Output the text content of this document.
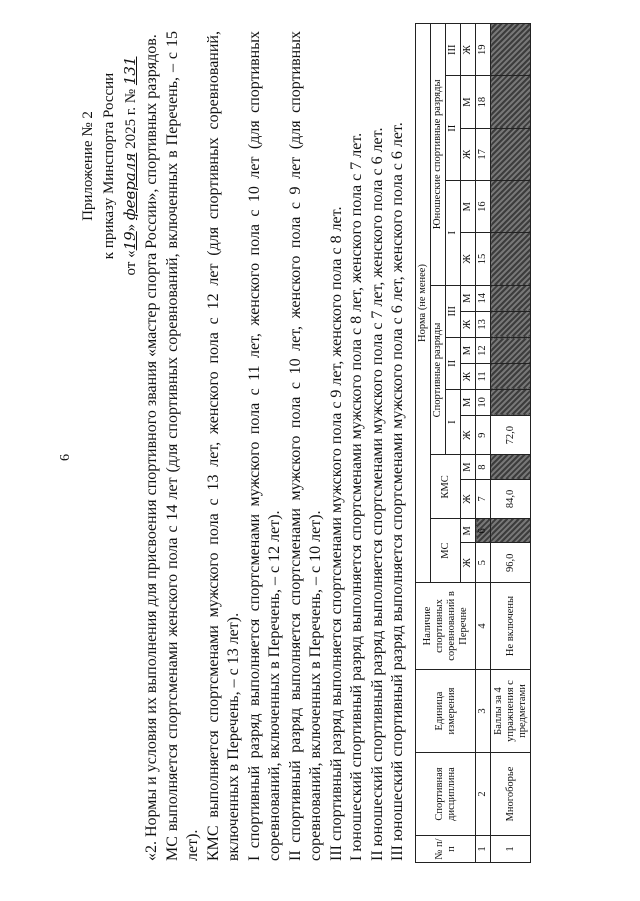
6
Приложение № 2 к приказу Минспорта России
от «19» февраля 2025 г. № 131 «2. Нормы и условия их выполнения для присвоения спортивного звания «мастер спорта России», спортивных разрядов. МС выполняется спортсменами женского пола с 14 лет (для спортивных соревнований, включенных в Перечень, – с 15 лет). КМС выполняется спортсменами мужского пола с 13 лет, женского пола с 12 лет (для спортивных соревнований, включенных в Перечень, – с 13 лет). I спортивный разряд выполняется спортсменами мужского пола с 11 лет, женского пола с 10 лет (для спортивных соревнований, включенных в Перечень, – с 12 лет). II спортивный разряд выполняется спортсменами мужского пола с 10 лет, женского пола с 9 лет (для спортивных соревнований, включенных в Перечень, – с 10 лет). III спортивный разряд выполняется спортсменами мужского пола с 9 лет, женского пола с 8 лет. I юношеский спортивный разряд выполняется спортсменами мужского пола с 8 лет, женского пола с 7 лет. II юношеский спортивный разряд выполняется спортсменами мужского пола с 7 лет, женского пола с 6 лет. III юношеский спортивный разряд выполняется спортсменами мужского пола с 6 лет, женского пола с 6 лет.	№ п/п	Спортивная дисциплина	Единица измерения	Наличие спортивных соревнований в Перечне	Норма (не менее)														
				МС		КМС		Спортивные разряды						Юношеские спортивные разряды				
								I		II		III		I		II		III
				Ж	М	Ж	М	Ж	М	Ж	М	Ж	М	Ж	М	Ж	М	Ж
1	2	3	4	5	6	7	8	9	10	11	12	13	14	15	16	17	18	19
1	Многоборье	Баллы за 4 упражнения с предметами	Не включены	96,0		84,0		72,0										
